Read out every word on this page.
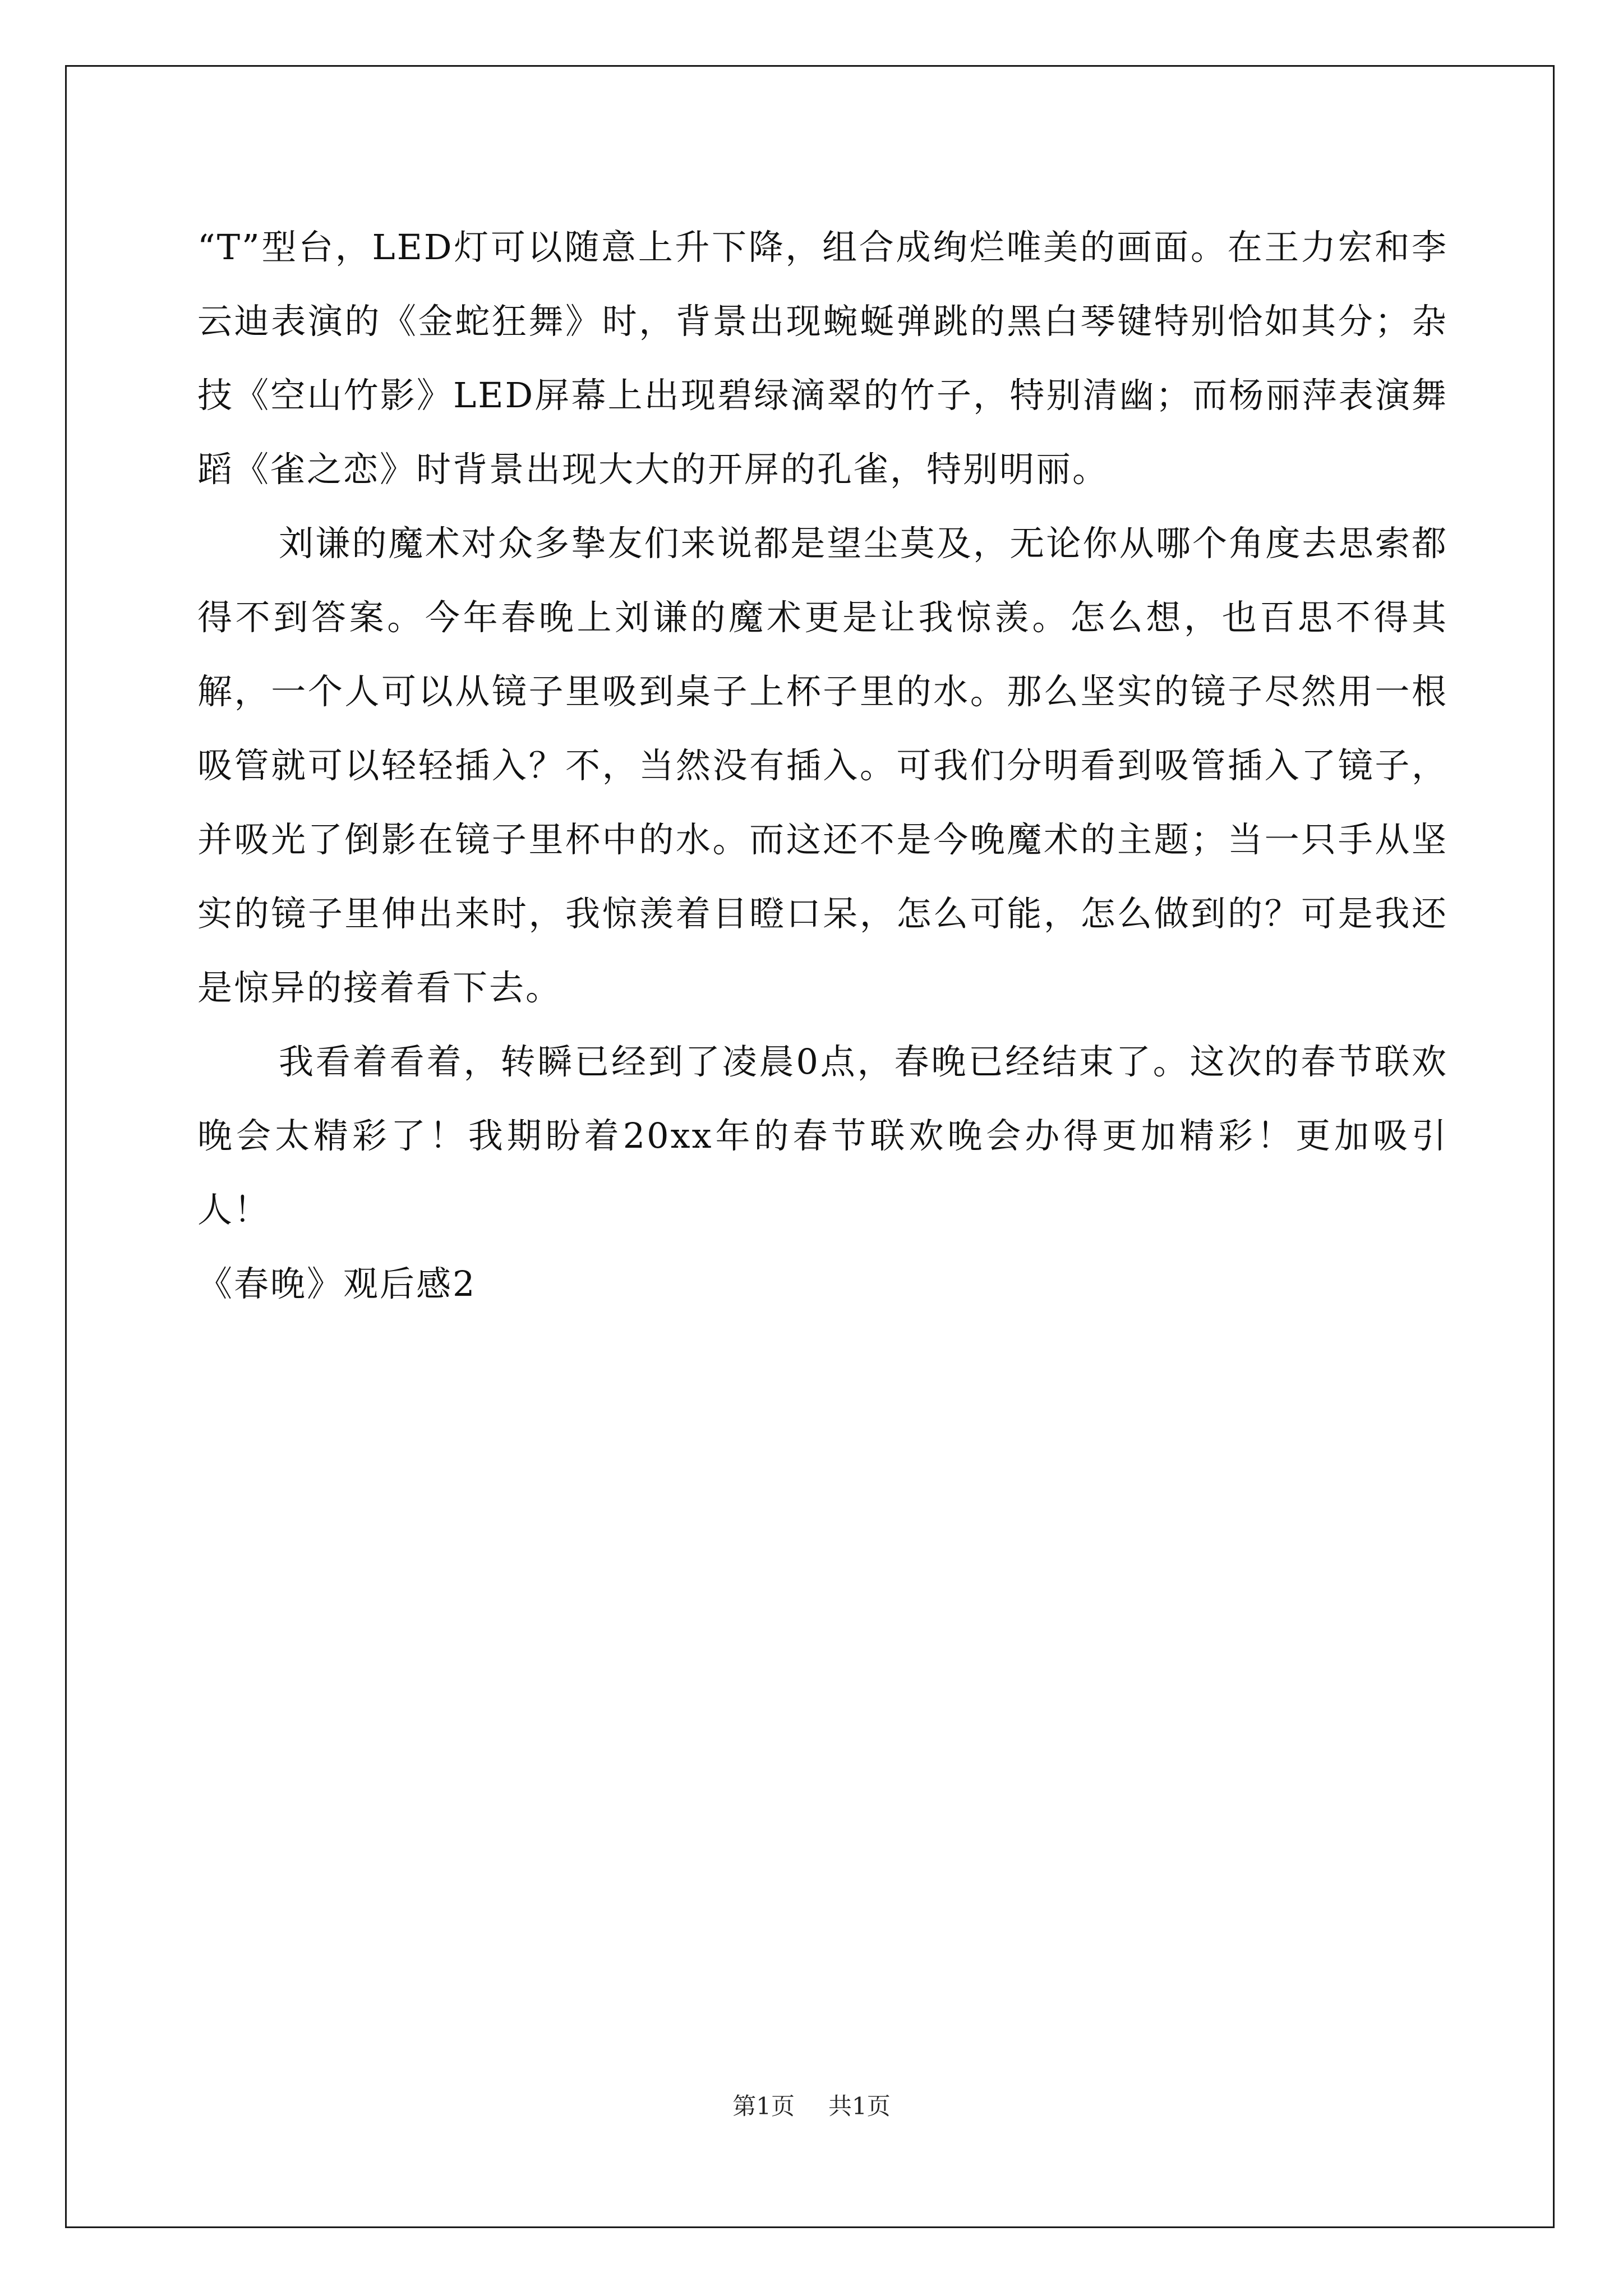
“T”型台，LED灯可以随意上升下降，组合成绚烂唯美的画面。在王力宏和李云迪表演的《金蛇狂舞》时，背景出现蜿蜒弹跳的黑白琴键特别恰如其分；杂技《空山竹影》LED屏幕上出现碧绿滴翠的竹子，特别清幽；而杨丽萍表演舞蹈《雀之恋》时背景出现大大的开屏的孔雀，特别明丽。

刘谦的魔术对众多挚友们来说都是望尘莫及，无论你从哪个角度去思索都得不到答案。今年春晚上刘谦的魔术更是让我惊羡。怎么想，也百思不得其解，一个人可以从镜子里吸到桌子上杯子里的水。那么坚实的镜子尽然用一根吸管就可以轻轻插入？不，当然没有插入。可我们分明看到吸管插入了镜子，并吸光了倒影在镜子里杯中的水。而这还不是今晚魔术的主题；当一只手从坚实的镜子里伸出来时，我惊羡着目瞪口呆，怎么可能，怎么做到的？可是我还是惊异的接着看下去。

我看着看着，转瞬已经到了凌晨0点，春晚已经结束了。这次的春节联欢晚会太精彩了！我期盼着20xx年的春节联欢晚会办得更加精彩！更加吸引人！

《春晚》观后感2

第1页 共1页
